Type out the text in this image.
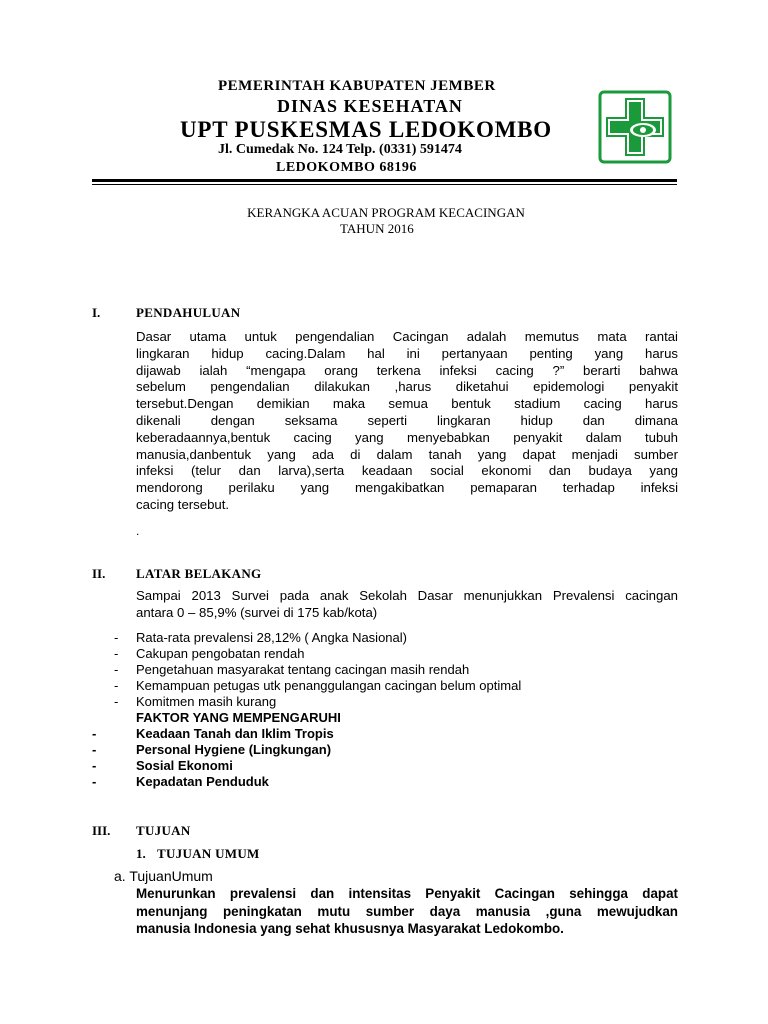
PEMERINTAH KABUPATEN JEMBER
DINAS KESEHATAN
UPT PUSKESMAS LEDOKOMBO
Jl. Cumedak No. 124 Telp. (0331) 591474
LEDOKOMBO 68196
KERANGKA ACUAN PROGRAM KECACINGAN
TAHUN 2016
I.	PENDAHULUAN
Dasar utama untuk pengendalian Cacingan adalah memutus mata rantai
lingkaran hidup cacing.Dalam hal ini pertanyaan penting yang harus
dijawab ialah “mengapa orang terkena infeksi cacing ?” berarti bahwa
sebelum pengendalian dilakukan ,harus diketahui epidemologi penyakit
tersebut.Dengan demikian maka semua bentuk stadium cacing harus
dikenali dengan seksama seperti lingkaran hidup dan dimana
keberadaannya,bentuk cacing yang menyebabkan penyakit dalam tubuh
manusia,danbentuk yang ada di dalam tanah yang dapat menjadi sumber
infeksi (telur dan larva),serta keadaan social ekonomi dan budaya yang
mendorong perilaku yang mengakibatkan pemaparan terhadap infeksi
cacing tersebut.
.
II. LATAR BELAKANG
Sampai 2013 Survei pada anak Sekolah Dasar menunjukkan Prevalensi cacingan
antara 0 – 85,9% (survei di 175 kab/kota)
- Rata-rata prevalensi 28,12% ( Angka Nasional)
- Cakupan pengobatan rendah
- Pengetahuan masyarakat tentang cacingan masih rendah
- Kemampuan petugas utk penanggulangan cacingan belum optimal
- Komitmen masih kurang
FAKTOR YANG MEMPENGARUHI
-	Keadaan Tanah dan Iklim Tropis
-	Personal Hygiene (Lingkungan)
-	Sosial Ekonomi
-	Kepadatan Penduduk
III. TUJUAN
1. TUJUAN UMUM
a. TujuanUmum
Menurunkan prevalensi dan intensitas Penyakit Cacingan sehingga dapat
menunjang peningkatan mutu sumber daya manusia ,guna mewujudkan
manusia Indonesia yang sehat khususnya Masyarakat Ledokombo.
